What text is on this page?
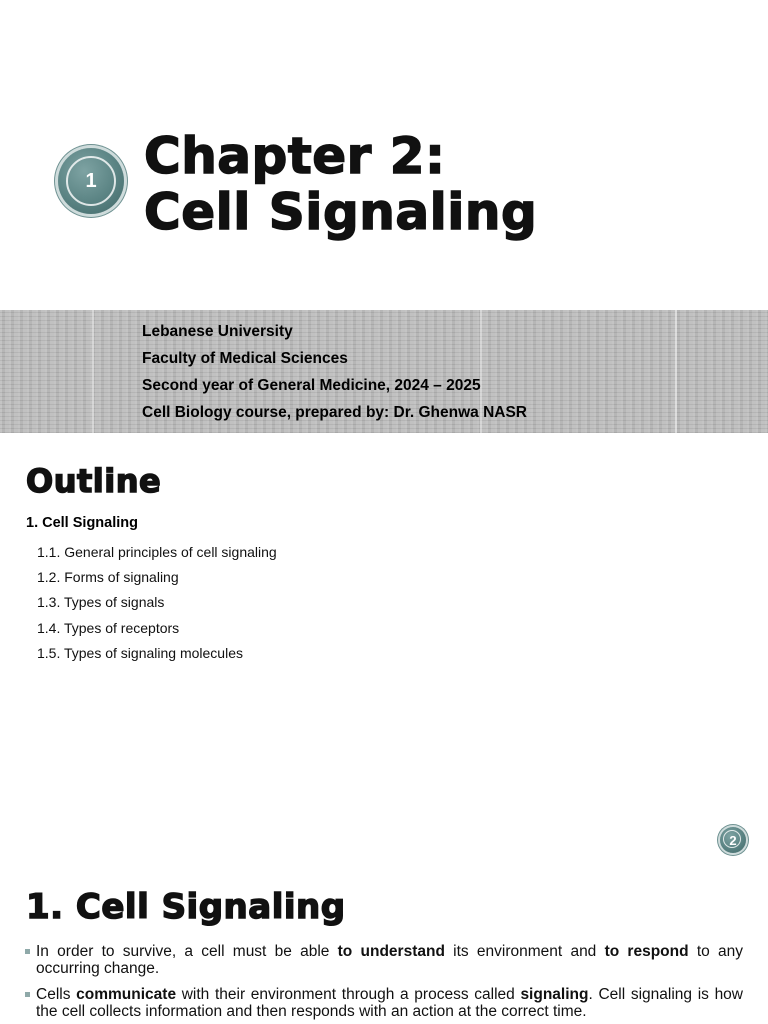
1 Chapter 2:
Cell Signaling
Lebanese University
Faculty of Medical Sciences
Second year of General Medicine, 2024 – 2025
Cell Biology course, prepared by: Dr. Ghenwa NASR
Outline
1. Cell Signaling
1.1. General principles of cell signaling
1.2. Forms of signaling
1.3. Types of signals
1.4. Types of receptors
1.5. Types of signaling molecules
2
1. Cell Signaling
In order to survive, a cell must be able to understand its environment and to respond to any occurring change.
Cells communicate with their environment through a process called signaling. Cell signaling is how the cell collects information and then responds with an action at the correct time.
